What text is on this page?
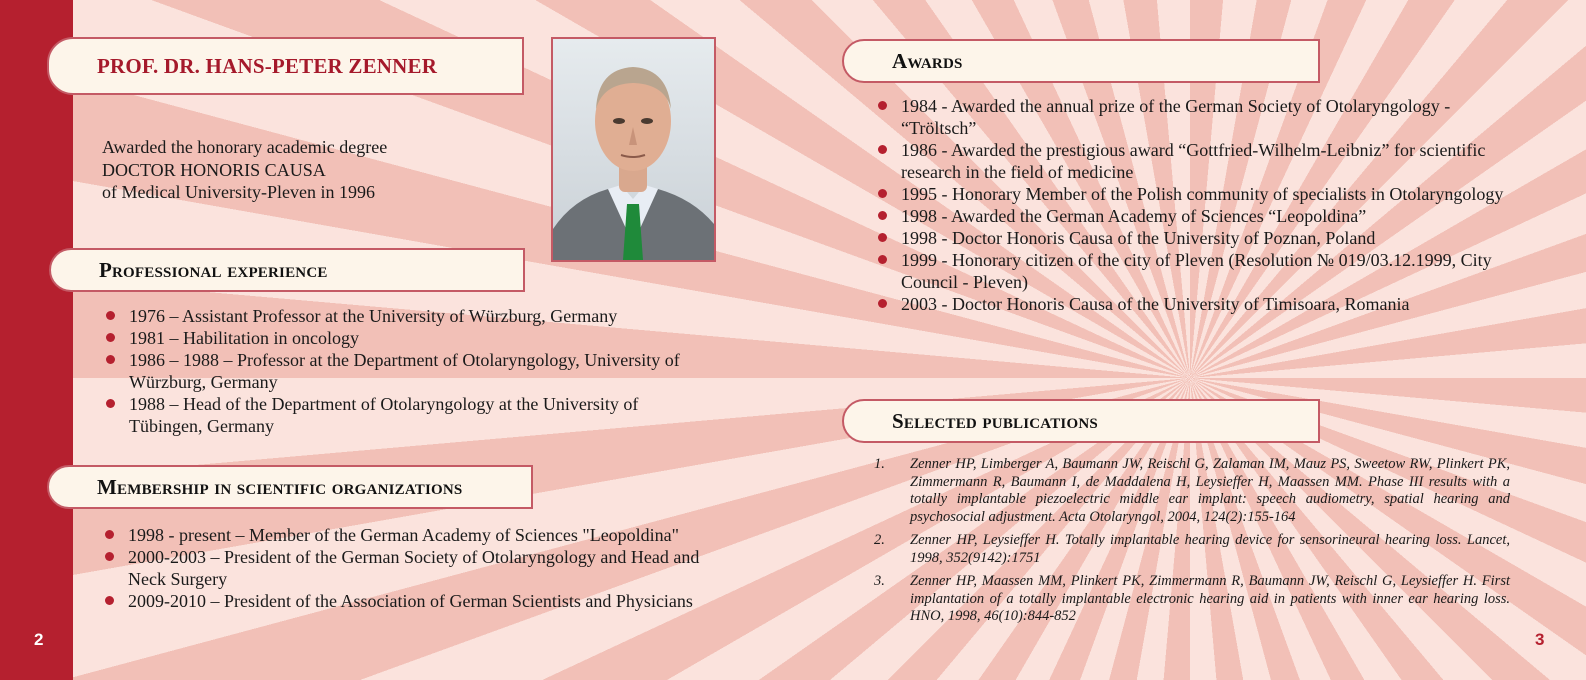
2	3
PROF. DR. HANS-PETER ZENNER
Awarded the honorary academic degree
DOCTOR HONORIS CAUSA
of Medical University-Pleven in 1996
Professional experience
1976 – Assistant Professor at the University of Würzburg, Germany
1981 – Habilitation in oncology
1986 – 1988 – Professor at the Department of Otolaryngology, University of Würzburg, Germany
1988 – Head of the Department of Otolaryngology at the University of Tübingen, Germany
Membership in scientific organizations
1998 - present – Member of the German Academy of Sciences "Leopoldina"
2000-2003 – President of the German Society of Otolaryngology and Head and Neck Surgery
2009-2010 – President of the Association of German Scientists and Physicians
Awards
1984 - Awarded the annual prize of the German Society of Otolaryngology - “Tröltsch”
1986 - Awarded the prestigious award “Gottfried-Wilhelm-Leibniz” for scientific research in the field of medicine
1995 - Honorary Member of the Polish community of specialists in Otolaryngology
1998 - Awarded the German Academy of Sciences “Leopoldina”
1998 - Doctor Honoris Causa of the University of Poznan, Poland
1999 - Honorary citizen of the city of Pleven (Resolution № 019/03.12.1999, City Council - Pleven)
2003 - Doctor Honoris Causa of the University of Timisoara, Romania
Selected publications
1. Zenner HP, Limberger A, Baumann JW, Reischl G, Zalaman IM, Mauz PS, Sweetow RW, Plinkert PK, Zimmermann R, Baumann I, de Maddalena H, Leysieffer H, Maassen MM. Phase III results with a totally implantable piezoelectric middle ear implant: speech audiometry, spatial hearing and psychosocial adjustment. Acta Otolaryngol, 2004, 124(2):155-164
2. Zenner HP, Leysieffer H. Totally implantable hearing device for sensorineural hearing loss. Lancet, 1998, 352(9142):1751
3. Zenner HP, Maassen MM, Plinkert PK, Zimmermann R, Baumann JW, Reischl G, Leysieffer H. First implantation of a totally implantable electronic hearing aid in patients with inner ear hearing loss. HNO, 1998, 46(10):844-852
